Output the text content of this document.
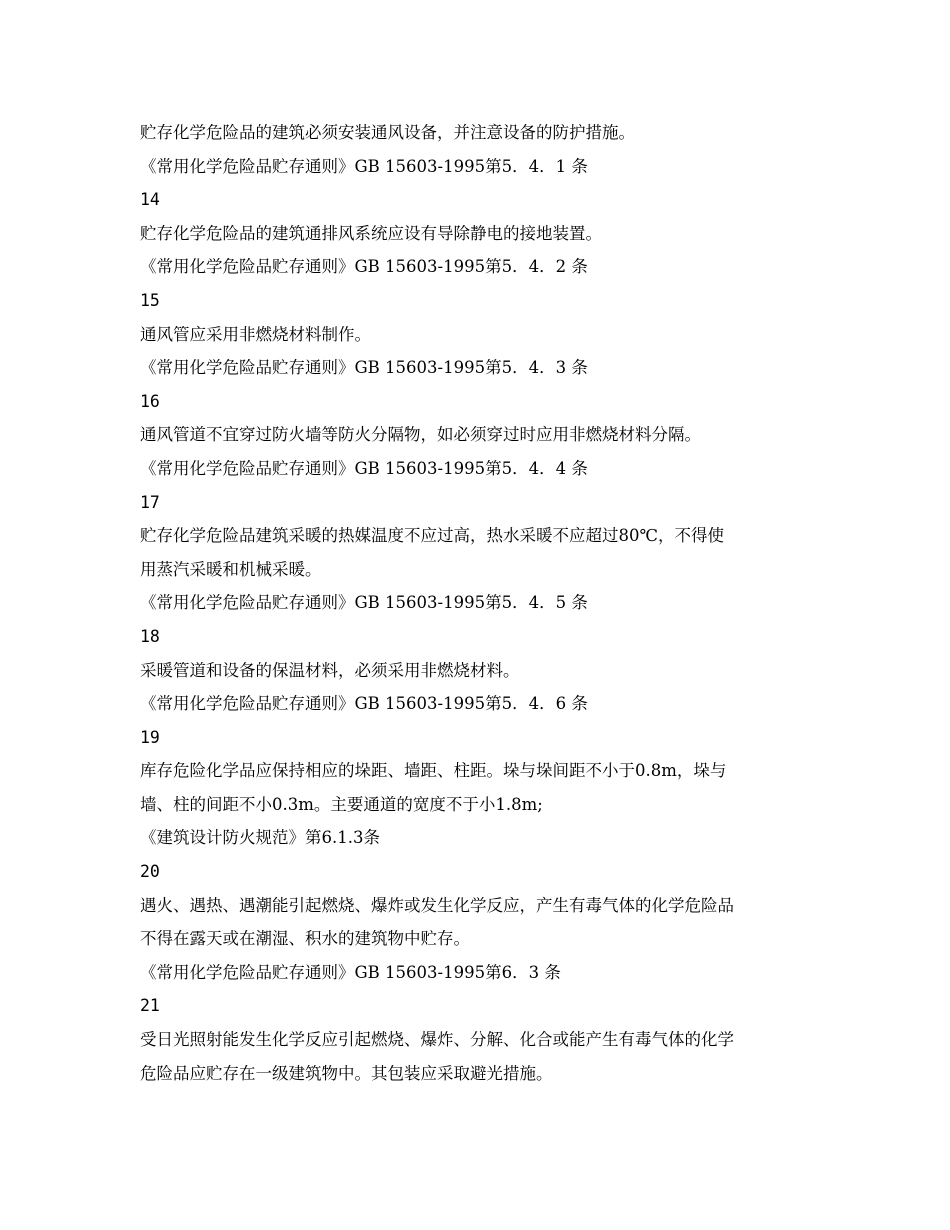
贮存化学危险品的建筑必须安装通风设备，并注意设备的防护措施。
《常用化学危险品贮存通则》GB 15603-1995第5．4．1 条
14
贮存化学危险品的建筑通排风系统应设有导除静电的接地装置。
《常用化学危险品贮存通则》GB 15603-1995第5．4．2 条
15
通风管应采用非燃烧材料制作。
《常用化学危险品贮存通则》GB 15603-1995第5．4．3 条
16
通风管道不宜穿过防火墙等防火分隔物，如必须穿过时应用非燃烧材料分隔。
《常用化学危险品贮存通则》GB 15603-1995第5．4．4 条
17
贮存化学危险品建筑采暖的热媒温度不应过高，热水采暖不应超过80℃，不得使
用蒸汽采暖和机械采暖。
《常用化学危险品贮存通则》GB 15603-1995第5．4．5 条
18
采暖管道和设备的保温材料，必须采用非燃烧材料。
《常用化学危险品贮存通则》GB 15603-1995第5．4．6 条
19
库存危险化学品应保持相应的垛距、墙距、柱距。垛与垛间距不小于0.8m，垛与
墙、柱的间距不小0.3m。主要通道的宽度不于小1.8m;
《建筑设计防火规范》第6.1.3条
20
遇火、遇热、遇潮能引起燃烧、爆炸或发生化学反应，产生有毒气体的化学危险品
不得在露天或在潮湿、积水的建筑物中贮存。
《常用化学危险品贮存通则》GB 15603-1995第6．3 条
21
受日光照射能发生化学反应引起燃烧、爆炸、分解、化合或能产生有毒气体的化学
危险品应贮存在一级建筑物中。其包装应采取避光措施。
